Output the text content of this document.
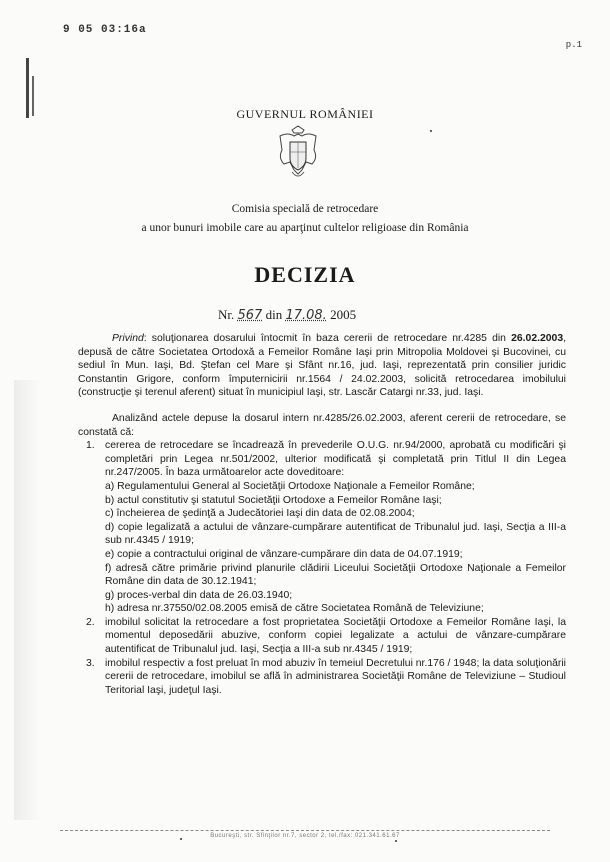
9 05 03:16a
p.1
GUVERNUL ROMÂNIEI
Comisia specială de retrocedare
a unor bunuri imobile care au aparţinut cultelor religioase din România
DECIZIA
Nr. 567 din 17.08. 2005

Privind: soluţionarea dosarului întocmit în baza cererii de retrocedare nr.4285 din 26.02.2003, depusă de către Societatea Ortodoxă a Femeilor Române Iaşi prin Mitropolia Moldovei şi Bucovinei, cu sediul în Mun. Iaşi, Bd. Ştefan cel Mare şi Sfânt nr.16, jud. Iaşi, reprezentată prin consilier juridic Constantin Grigore, conform împuternicirii nr.1564 / 24.02.2003, solicită retrocedarea imobilului (construcţie şi terenul aferent) situat în municipiul Iaşi, str. Lascăr Catargi nr.33, jud. Iaşi.

Analizând actele depuse la dosarul intern nr.4285/26.02.2003, aferent cererii de retrocedare, se constată că:

1. cererea de retrocedare se încadrează în prevederile O.U.G. nr.94/2000, aprobată cu modificări şi completări prin Legea nr.501/2002, ulterior modificată şi completată prin Titlul II din Legea nr.247/2005. În baza următoarelor acte doveditoare:
a) Regulamentului General al Societăţii Ortodoxe Naţionale a Femeilor Române;
b) actul constitutiv şi statutul Societăţii Ortodoxe a Femeilor Române Iaşi;
c) încheierea de şedinţă a Judecătoriei Iaşi din data de 02.08.2004;
d) copie legalizată a actului de vânzare-cumpărare autentificat de Tribunalul jud. Iaşi, Secţia a III-a sub nr.4345 / 1919;
e) copie a contractului original de vânzare-cumpărare din data de 04.07.1919;
f) adresă către primărie privind planurile clădirii Liceului Societăţii Ortodoxe Naţionale a Femeilor Române din data de 30.12.1941;
g) proces-verbal din data de 26.03.1940;
h) adresa nr.37550/02.08.2005 emisă de către Societatea Română de Televiziune;
2. imobilul solicitat la retrocedare a fost proprietatea Societăţii Ortodoxe a Femeilor Române Iaşi, la momentul deposedării abuzive, conform copiei legalizate a actului de vânzare-cumpărare autentificat de Tribunalul jud. Iaşi, Secţia a III-a sub nr.4345 / 1919;
3. imobilul respectiv a fost preluat în mod abuziv în temeiul Decretului nr.176 / 1948; la data soluţionării cererii de retrocedare, imobilul se află în administrarea Societăţii Române de Televiziune – Studioul Teritorial Iaşi, judeţul Iaşi.
Bucureşti, str. Sfinţilor nr.7, sector 2, tel./fax: 021.341.61.67
